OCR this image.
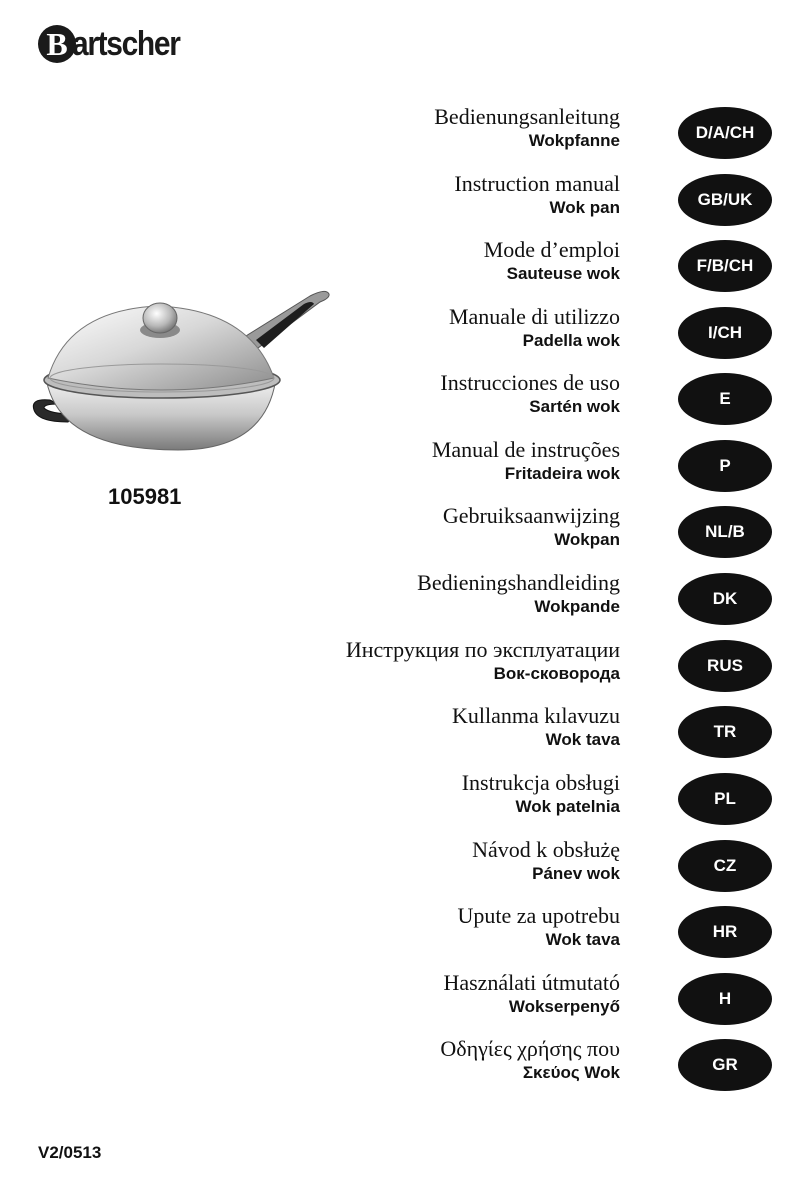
B artscher
105981
Bedienungsanleitung
Wokpfanne	D/A/CH
Instruction manual
Wok pan	GB/UK
Mode d’emploi
Sauteuse wok	F/B/CH
Manuale di utilizzo
Padella wok	I/CH
Instrucciones de uso
Sartén wok	E
Manual de instruções
Fritadeira wok	P
Gebruiksaanwijzing
Wokpan	NL/B
Bedieningshandleiding
Wokpande	DK
Инструкция по эксплуатации
Вок-сковорода	RUS
Kullanma kılavuzu
Wok tava	TR
Instrukcja obsługi
Wok patelnia	PL
Návod k obsłużę
Pánev wok	CZ
Upute za upotrebu
Wok tava	HR
Használati útmutató
Wokserpenyő	H
Οδηγίες χρήσης που
Σκεύος Wok	GR
V2/0513
